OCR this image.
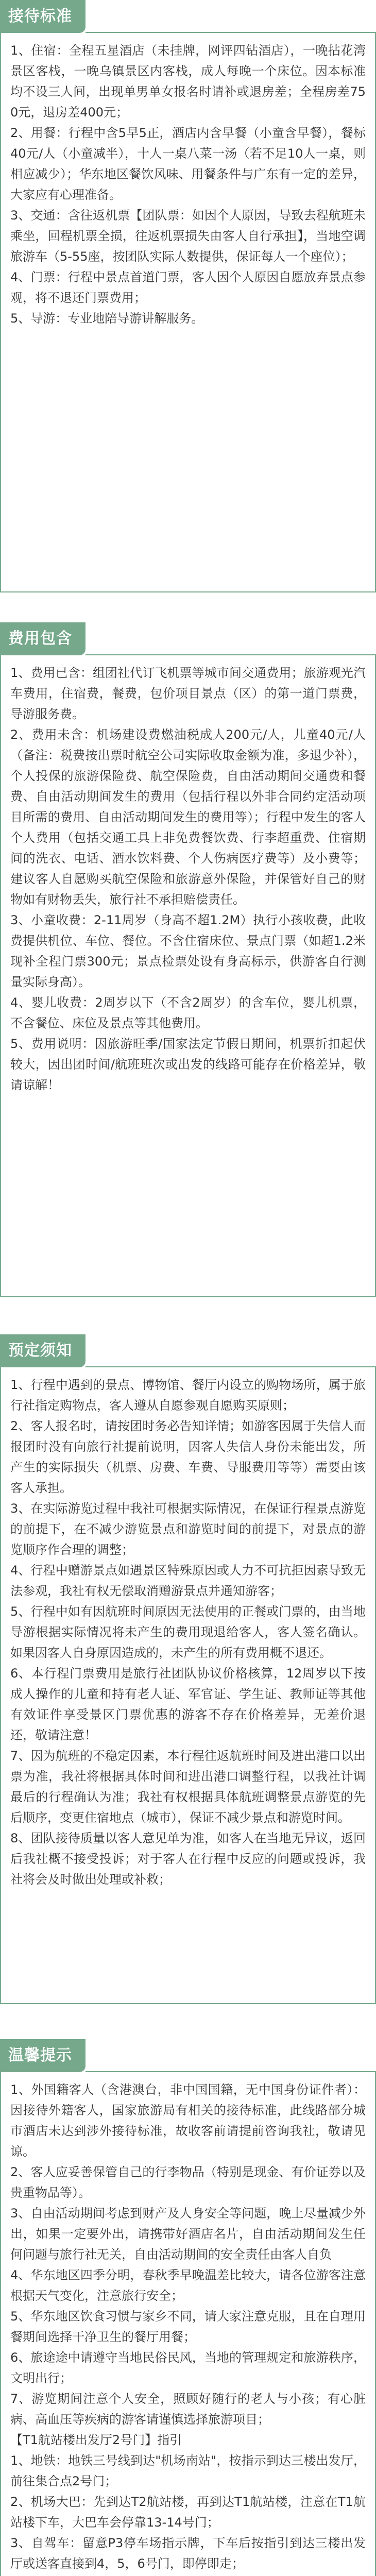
接待标准

1、住宿：全程五星酒店（未挂牌，网评四钻酒店），一晚拈花湾景区客栈，一晚乌镇景区内客栈，成人每晚一个床位。因本标准均不设三人间，出现单男单女报名时请补或退房差；全程房差750元，退房差400元；

2、用餐：行程中含5早5正，酒店内含早餐（小童含早餐），餐标40元/人（小童减半），十人一桌八菜一汤（若不足10人一桌，则相应减少）；华东地区餐饮风味、用餐条件与广东有一定的差异，大家应有心理准备。

3、交通：含往返机票【团队票：如因个人原因，导致去程航班未乘坐，回程机票全损，往返机票损失由客人自行承担】，当地空调旅游车（5-55座，按团队实际人数提供，保证每人一个座位）；

4、门票：行程中景点首道门票，客人因个人原因自愿放弃景点参观，将不退还门票费用；

5、导游：专业地陪导游讲解服务。

费用包含

1、费用已含：组团社代订飞机票等城市间交通费用；旅游观光汽车费用，住宿费，餐费，包价项目景点（区）的第一道门票费，导游服务费。

2、费用未含：机场建设费燃油税成人200元/人，儿童40元/人（备注：税费按出票时航空公司实际收取金额为准，多退少补），个人投保的旅游保险费、航空保险费，自由活动期间交通费和餐费、自由活动期间发生的费用（包括行程以外非合同约定活动项目所需的费用、自由活动期间发生的费用等）；行程中发生的客人个人费用（包括交通工具上非免费餐饮费、行李超重费、住宿期间的洗衣、电话、酒水饮料费、个人伤病医疗费等）及小费等；建议客人自愿购买航空保险和旅游意外保险，并保管好自己的财物如有财物丢失，旅行社不承担赔偿责任。

3、小童收费：2-11周岁（身高不超1.2M）执行小孩收费，此收费提供机位、车位、餐位。不含住宿床位、景点门票（如超1.2米现补全程门票300元；景点检票处设有身高标示，供游客自行测量实际身高）。

4、婴儿收费：2周岁以下（不含2周岁）的含车位，婴儿机票，不含餐位、床位及景点等其他费用。

5、费用说明：因旅游旺季/国家法定节假日期间，机票折扣起伏较大，因出团时间/航班班次或出发的线路可能存在价格差异，敬请谅解！

预定须知

1、行程中遇到的景点、博物馆、餐厅内设立的购物场所，属于旅行社指定购物点，客人遵从自愿参观自愿购买原则；

2、客人报名时，请按团时务必告知详情；如游客因属于失信人而报团时没有向旅行社提前说明，因客人失信人身份未能出发，所产生的实际损失（机票、房费、车费、导服费用等等）需要由该客人承担。

3、在实际游览过程中我社可根据实际情况，在保证行程景点游览的前提下，在不减少游览景点和游览时间的前提下，对景点的游览顺序作合理的调整；

4、行程中赠游景点如遇景区特殊原因或人力不可抗拒因素导致无法参观，我社有权无偿取消赠游景点并通知游客；

5、行程中如有因航班时间原因无法使用的正餐或门票的，由当地导游根据实际情况将未产生的费用现退给客人，客人签名确认。如果因客人自身原因造成的，未产生的所有费用概不退还。

6、本行程门票费用是旅行社团队协议价格核算，12周岁以下按成人操作的儿童和持有老人证、军官证、学生证、教师证等其他有效证件享受景区门票优惠的游客不存在价格差异，无差价退还，敬请注意！

7、因为航班的不稳定因素，本行程往返航班时间及进出港口以出票为准，我社将根据具体时间和进出港口调整行程，以我社计调最后的行程确认为准；我社有权根据具体航班调整景点游览的先后顺序，变更住宿地点（城市），保证不减少景点和游览时间。

8、团队接待质量以客人意见单为准，如客人在当地无异议，返回后我社概不接受投诉；对于客人在行程中反应的问题或投诉，我社将会及时做出处理或补救；

温馨提示

1、外国籍客人（含港澳台，非中国国籍，无中国身份证件者）：因接待外籍客人，国家旅游局有相关的接待标准，此线路部分城市酒店未达到涉外接待标准，故收客前请提前咨询我社，敬请见谅。

2、客人应妥善保管自己的行李物品（特别是现金、有价证券以及贵重物品等）。

3、自由活动期间考虑到财产及人身安全等问题，晚上尽量减少外出，如果一定要外出，请携带好酒店名片，自由活动期间发生任何问题与旅行社无关，自由活动期间的安全责任由客人自负

4、华东地区四季分明，春秋季早晚温差比较大，请各位游客注意根据天气变化，注意旅行安全；

5、华东地区饮食习惯与家乡不同，请大家注意克服，且在自理用餐期间选择干净卫生的餐厅用餐；

6、旅途途中请遵守当地民俗民风，当地的管理规定和旅游秩序，文明出行；

7、游览期间注意个人安全，照顾好随行的老人与小孩；有心脏病、高血压等疾病的游客请谨慎选择旅游项目；

【T1航站楼出发厅2号门】指引

1、地铁：地铁三号线到达"机场南站"，按指示到达三楼出发厅，前往集合点2号门；

2、机场大巴：先到达T2航站楼，再到达T1航站楼，注意在T1航站楼下车，大巴车会停靠13-14号门；

3、自驾车：留意P3停车场指示牌，下车后按指引到达三楼出发厅或送客直接到4，5，6号门，即停即走；
